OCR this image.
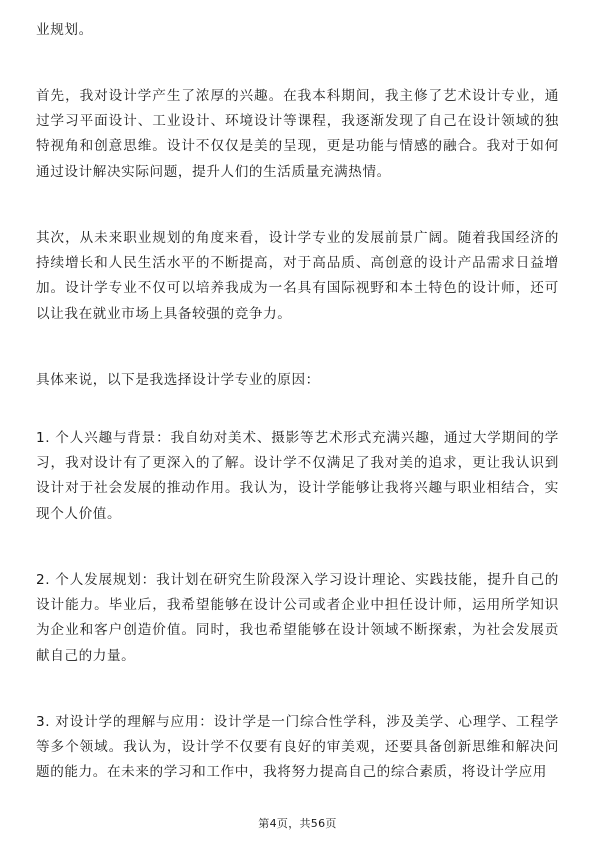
业规划。

首先，我对设计学产生了浓厚的兴趣。在我本科期间，我主修了艺术设计专业，通过学习平面设计、工业设计、环境设计等课程，我逐渐发现了自己在设计领域的独特视角和创意思维。设计不仅仅是美的呈现，更是功能与情感的融合。我对于如何通过设计解决实际问题，提升人们的生活质量充满热情。

其次，从未来职业规划的角度来看，设计学专业的发展前景广阔。随着我国经济的持续增长和人民生活水平的不断提高，对于高品质、高创意的设计产品需求日益增加。设计学专业不仅可以培养我成为一名具有国际视野和本土特色的设计师，还可以让我在就业市场上具备较强的竞争力。

具体来说，以下是我选择设计学专业的原因：

1. 个人兴趣与背景：我自幼对美术、摄影等艺术形式充满兴趣，通过大学期间的学习，我对设计有了更深入的了解。设计学不仅满足了我对美的追求，更让我认识到设计对于社会发展的推动作用。我认为，设计学能够让我将兴趣与职业相结合，实现个人价值。

2. 个人发展规划：我计划在研究生阶段深入学习设计理论、实践技能，提升自己的设计能力。毕业后，我希望能够在设计公司或者企业中担任设计师，运用所学知识为企业和客户创造价值。同时，我也希望能够在设计领域不断探索，为社会发展贡献自己的力量。

3. 对设计学的理解与应用：设计学是一门综合性学科，涉及美学、心理学、工程学等多个领域。我认为，设计学不仅要有良好的审美观，还要具备创新思维和解决问题的能力。在未来的学习和工作中，我将努力提高自己的综合素质，将设计学应用

第4页，共56页
